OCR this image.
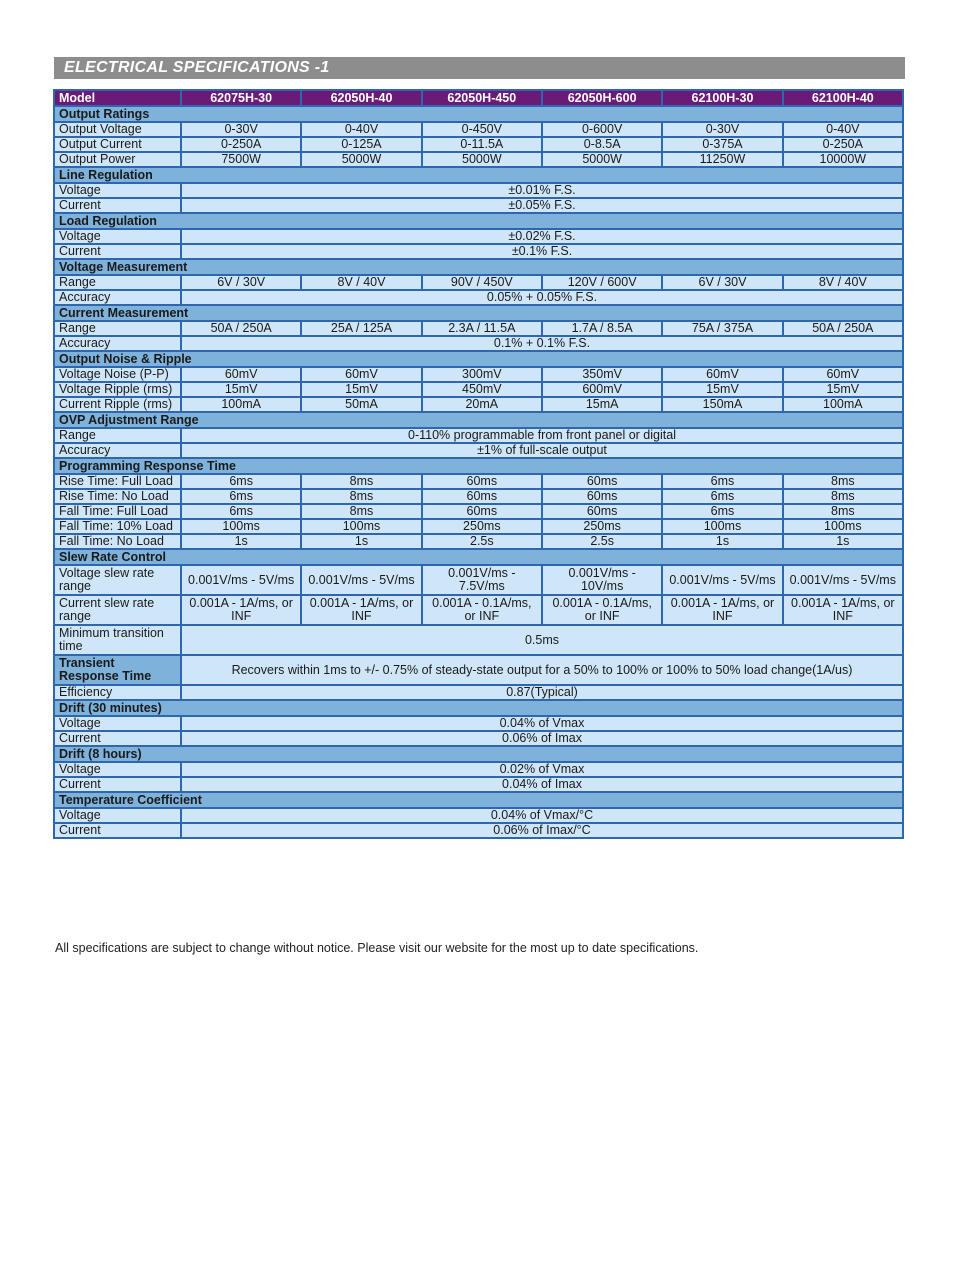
ELECTRICAL SPECIFICATIONS -1
Model	62075H-30	62050H-40	62050H-450	62050H-600	62100H-30	62100H-40
Output Ratings						
Output Voltage	0-30V	0-40V	0-450V	0-600V	0-30V	0-40V
Output Current	0-250A	0-125A	0-11.5A	0-8.5A	0-375A	0-250A
Output Power	7500W	5000W	5000W	5000W	11250W	10000W
Line Regulation						
Voltage	±0.01% F.S.					
Current	±0.05% F.S.					
Load Regulation						
Voltage	±0.02% F.S.					
Current	±0.1% F.S.					
Voltage Measurement						
Range	6V / 30V	8V / 40V	90V / 450V	120V / 600V	6V / 30V	8V / 40V
Accuracy	0.05% + 0.05% F.S.					
Current Measurement						
Range	50A / 250A	25A / 125A	2.3A / 11.5A	1.7A / 8.5A	75A / 375A	50A / 250A
Accuracy	0.1% + 0.1% F.S.					
Output Noise & Ripple						
Voltage Noise (P-P)	60mV	60mV	300mV	350mV	60mV	60mV
Voltage Ripple (rms)	15mV	15mV	450mV	600mV	15mV	15mV
Current Ripple (rms)	100mA	50mA	20mA	15mA	150mA	100mA
OVP Adjustment Range						
Range	0-110% programmable from front panel or digital					
Accuracy	±1% of full-scale output					
Programming Response Time						
Rise Time: Full Load	6ms	8ms	60ms	60ms	6ms	8ms
Rise Time: No Load	6ms	8ms	60ms	60ms	6ms	8ms
Fall Time: Full Load	6ms	8ms	60ms	60ms	6ms	8ms
Fall Time: 10% Load	100ms	100ms	250ms	250ms	100ms	100ms
Fall Time: No Load	1s	1s	2.5s	2.5s	1s	1s
Slew Rate Control						
Voltage slew rate range	0.001V/ms - 5V/ms	0.001V/ms - 5V/ms	0.001V/ms - 7.5V/ms	0.001V/ms - 10V/ms	0.001V/ms - 5V/ms	0.001V/ms - 5V/ms
Current slew rate range	0.001A - 1A/ms, or INF	0.001A - 1A/ms, or INF	0.001A - 0.1A/ms, or INF	0.001A - 0.1A/ms, or INF	0.001A - 1A/ms, or INF	0.001A - 1A/ms, or INF
Minimum transition time	0.5ms					
Transient Response Time	Recovers within 1ms to +/- 0.75% of steady-state output for a 50% to 100% or 100% to 50% load change(1A/us)					
Efficiency	0.87(Typical)					
Drift (30 minutes)						
Voltage	0.04% of Vmax					
Current	0.06% of Imax					
Drift (8 hours)						
Voltage	0.02% of Vmax					
Current	0.04% of Imax					
Temperature Coefficient						
Voltage	0.04% of Vmax/°C					
Current	0.06% of Imax/°C					
All specifications are subject to change without notice. Please visit our website for the most up to date specifications.
